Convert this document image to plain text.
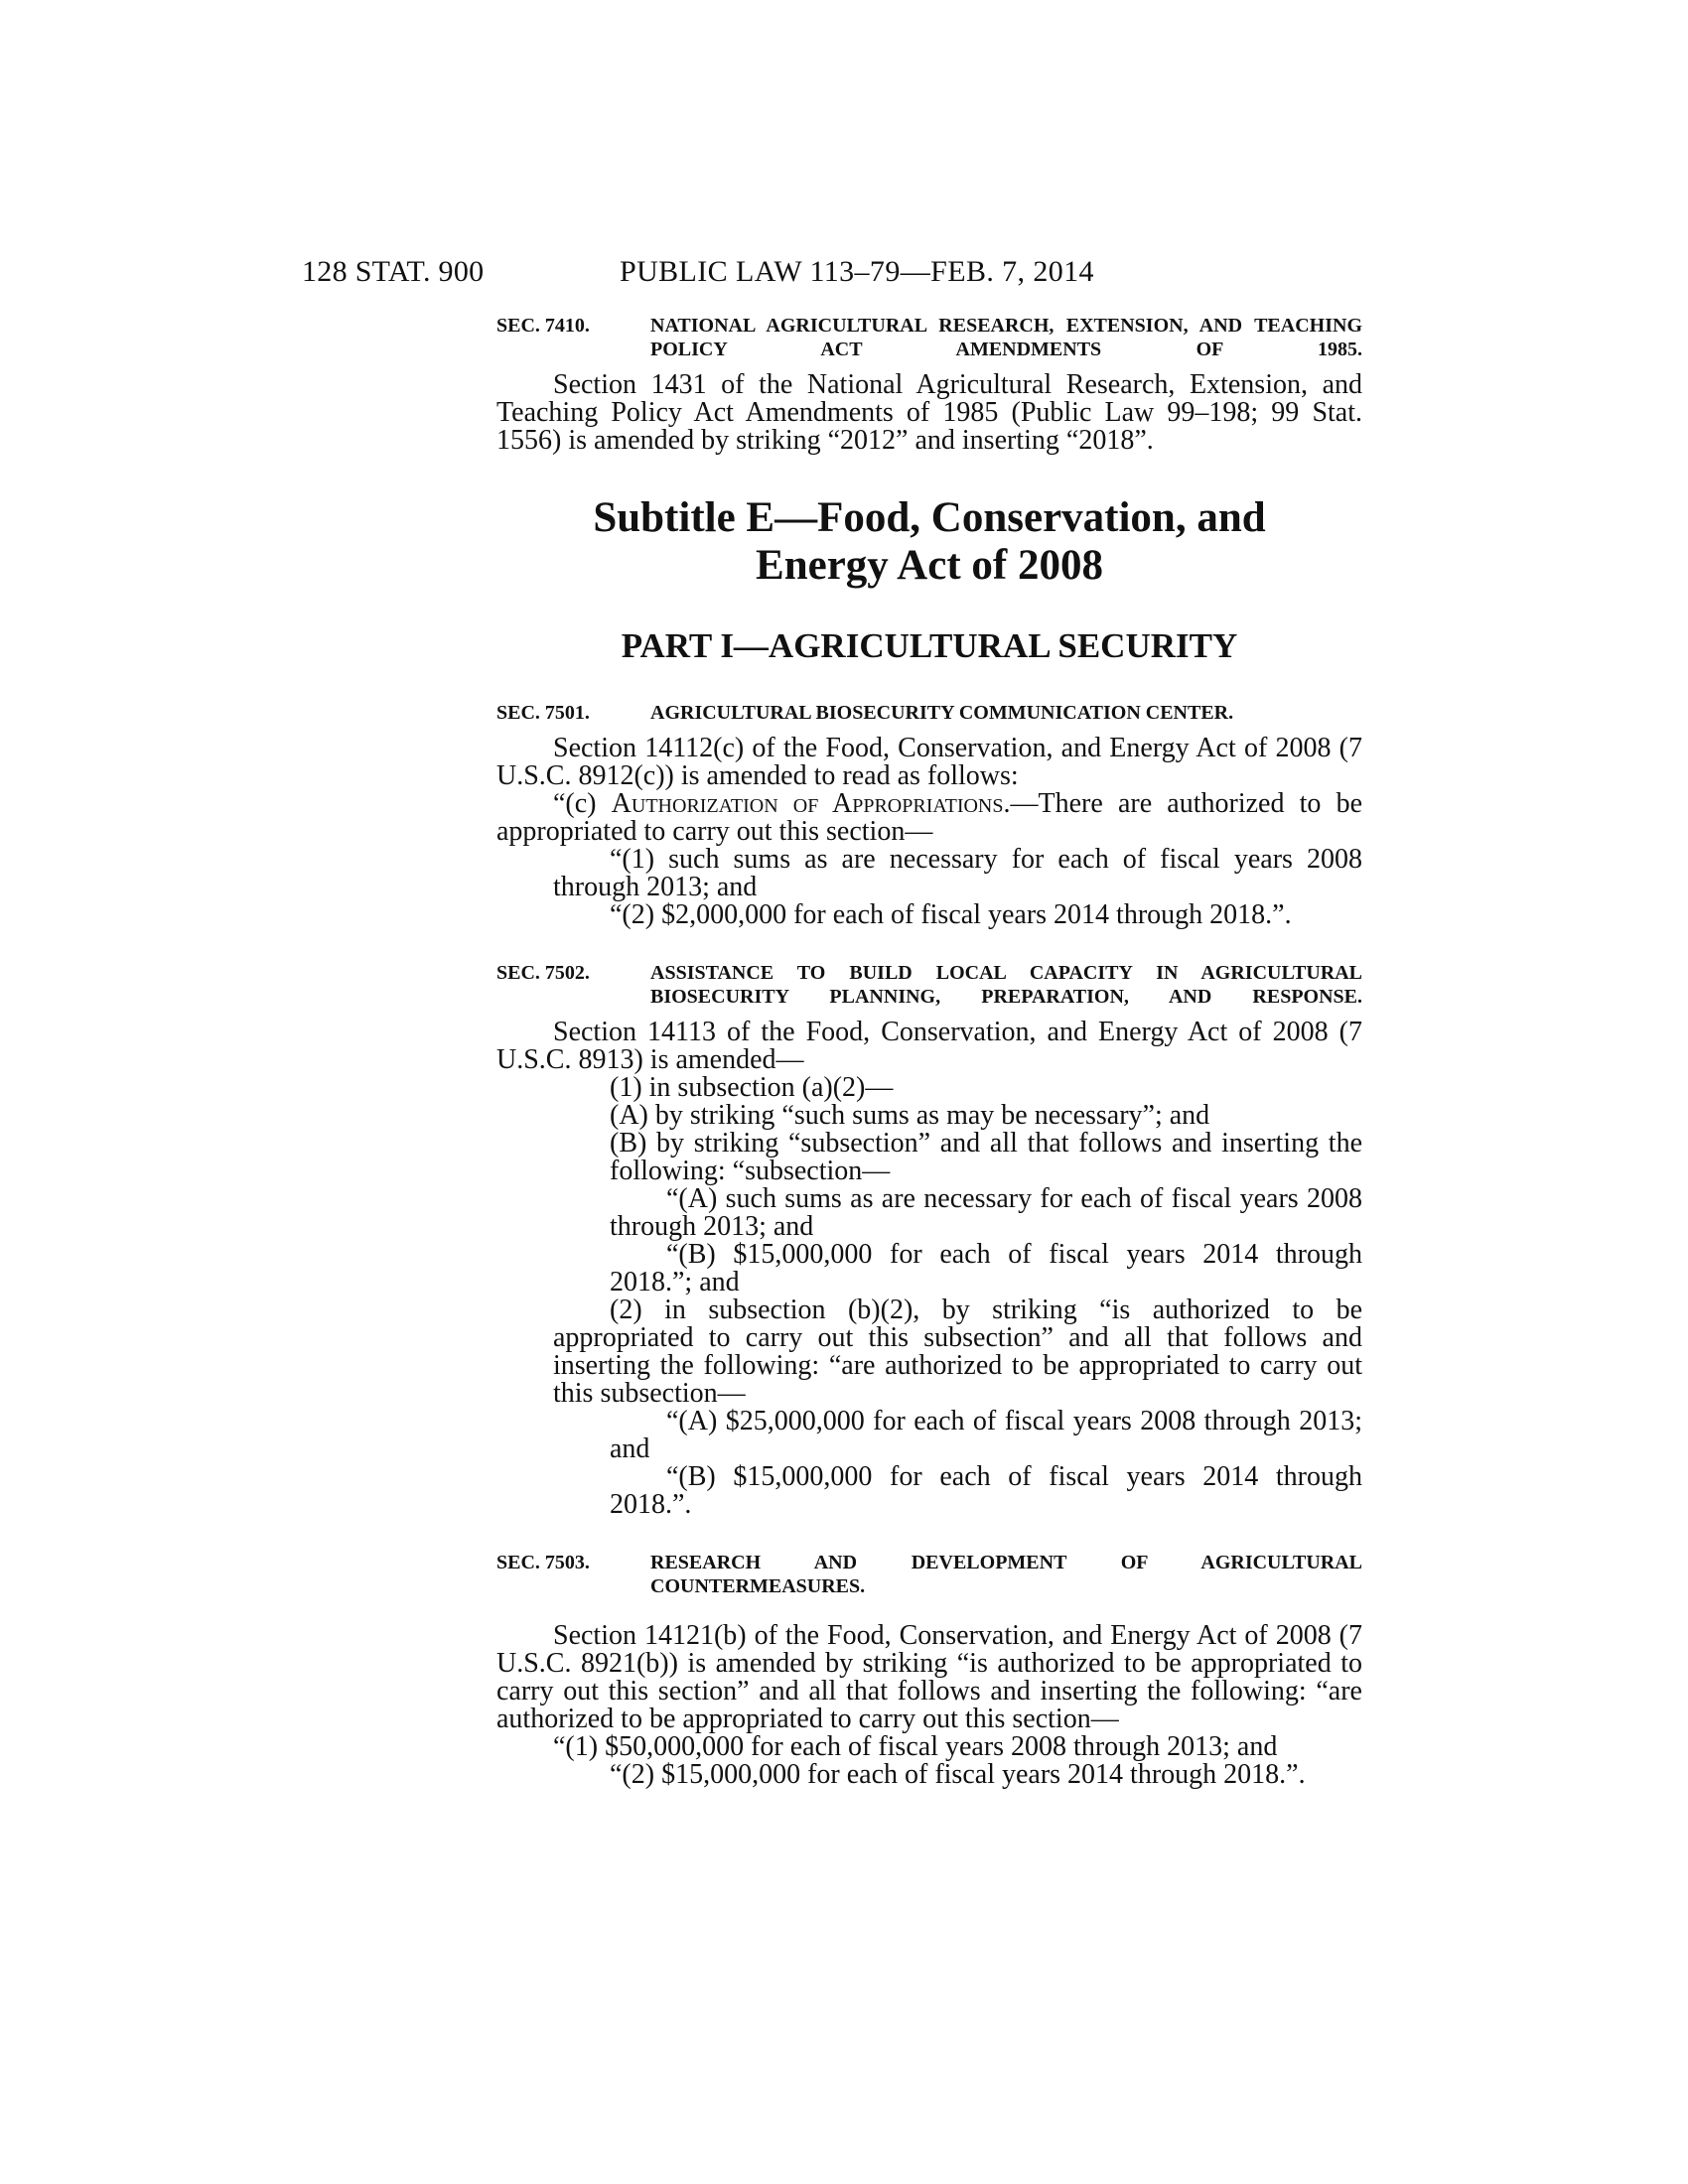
128 STAT. 900	PUBLIC LAW 113–79—FEB. 7, 2014
SEC. 7410.	NATIONAL AGRICULTURAL RESEARCH, EXTENSION, AND TEACHING POLICY ACT AMENDMENTS OF 1985.

Section 1431 of the National Agricultural Research, Extension, and Teaching Policy Act Amendments of 1985 (Public Law 99–198; 99 Stat. 1556) is amended by striking “2012” and inserting “2018”.

Subtitle E—Food, Conservation, and

Energy Act of 2008

PART I—AGRICULTURAL SECURITY

SEC. 7501.	AGRICULTURAL BIOSECURITY COMMUNICATION CENTER.

Section 14112(c) of the Food, Conservation, and Energy Act of 2008 (7 U.S.C. 8912(c)) is amended to read as follows:

“(c) Authorization of Appropriations.—There are authorized to be appropriated to carry out this section—

“(1) such sums as are necessary for each of fiscal years 2008 through 2013; and

“(2) $2,000,000 for each of fiscal years 2014 through 2018.”.

SEC. 7502.	ASSISTANCE TO BUILD LOCAL CAPACITY IN AGRICULTURAL BIOSECURITY PLANNING, PREPARATION, AND RESPONSE.

Section 14113 of the Food, Conservation, and Energy Act of 2008 (7 U.S.C. 8913) is amended—

(1) in subsection (a)(2)—

(A) by striking “such sums as may be necessary”; and

(B) by striking “subsection” and all that follows and inserting the following: “subsection—

“(A) such sums as are necessary for each of fiscal years 2008 through 2013; and

“(B) $15,000,000 for each of fiscal years 2014 through 2018.”; and

(2) in subsection (b)(2), by striking “is authorized to be appropriated to carry out this subsection” and all that follows and inserting the following: “are authorized to be appropriated to carry out this subsection—

“(A) $25,000,000 for each of fiscal years 2008 through 2013; and

“(B) $15,000,000 for each of fiscal years 2014 through 2018.”.

SEC. 7503.	RESEARCH AND DEVELOPMENT OF AGRICULTURAL COUNTERMEASURES.

Section 14121(b) of the Food, Conservation, and Energy Act of 2008 (7 U.S.C. 8921(b)) is amended by striking “is authorized to be appropriated to carry out this section” and all that follows and inserting the following: “are authorized to be appropriated to carry out this section—

“(1) $50,000,000 for each of fiscal years 2008 through 2013; and

“(2) $15,000,000 for each of fiscal years 2014 through 2018.”.
